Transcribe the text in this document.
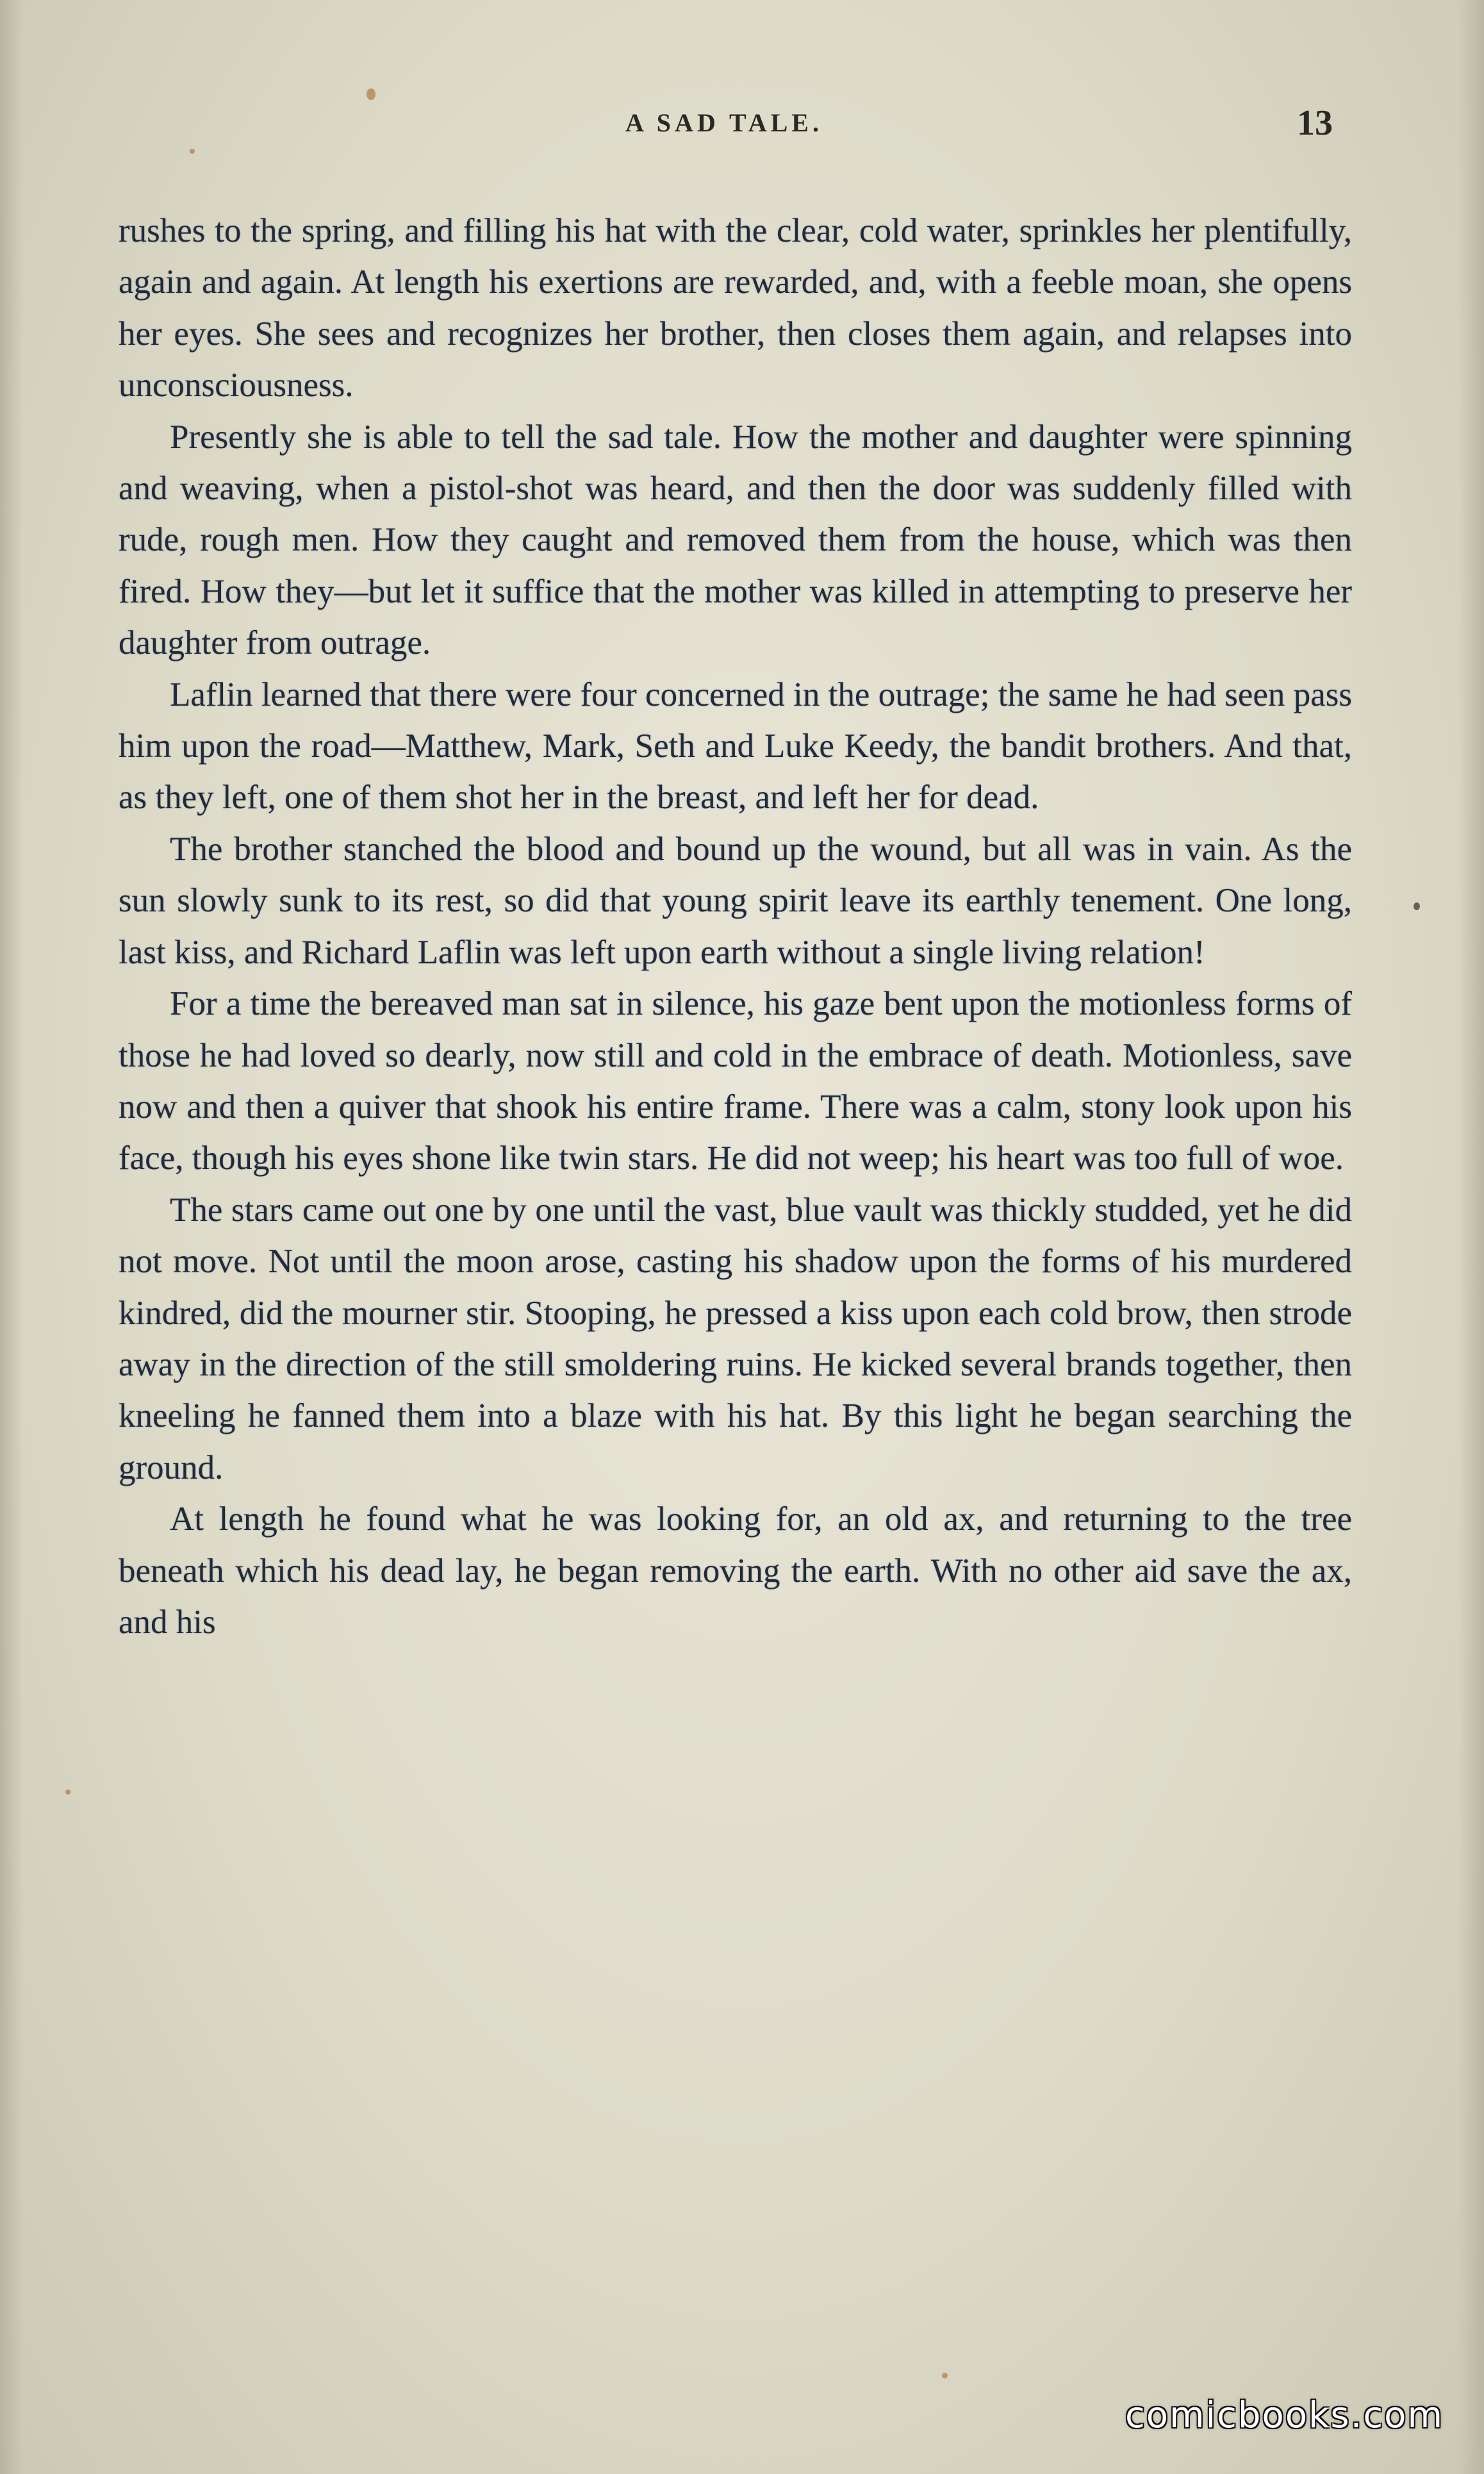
A SAD TALE.	13

rushes to the spring, and filling his hat with the clear, cold water, sprinkles her plentifully, again and again. At length his exertions are rewarded, and, with a feeble moan, she opens her eyes. She sees and recognizes her brother, then closes them again, and relapses into unconsciousness.

Presently she is able to tell the sad tale. How the mother and daughter were spinning and weaving, when a pistol-shot was heard, and then the door was suddenly filled with rude, rough men. How they caught and removed them from the house, which was then fired. How they—but let it suffice that the mother was killed in attempting to preserve her daughter from outrage.

Laflin learned that there were four concerned in the outrage; the same he had seen pass him upon the road—Matthew, Mark, Seth and Luke Keedy, the bandit brothers. And that, as they left, one of them shot her in the breast, and left her for dead.

The brother stanched the blood and bound up the wound, but all was in vain. As the sun slowly sunk to its rest, so did that young spirit leave its earthly tenement. One long, last kiss, and Richard Laflin was left upon earth without a single living relation!

For a time the bereaved man sat in silence, his gaze bent upon the motionless forms of those he had loved so dearly, now still and cold in the embrace of death. Motionless, save now and then a quiver that shook his entire frame. There was a calm, stony look upon his face, though his eyes shone like twin stars. He did not weep; his heart was too full of woe.

The stars came out one by one until the vast, blue vault was thickly studded, yet he did not move. Not until the moon arose, casting his shadow upon the forms of his murdered kindred, did the mourner stir. Stooping, he pressed a kiss upon each cold brow, then strode away in the direction of the still smoldering ruins. He kicked several brands together, then kneeling he fanned them into a blaze with his hat. By this light he began searching the ground.

At length he found what he was looking for, an old ax, and returning to the tree beneath which his dead lay, he began removing the earth. With no other aid save the ax, and his

comicbooks.com
